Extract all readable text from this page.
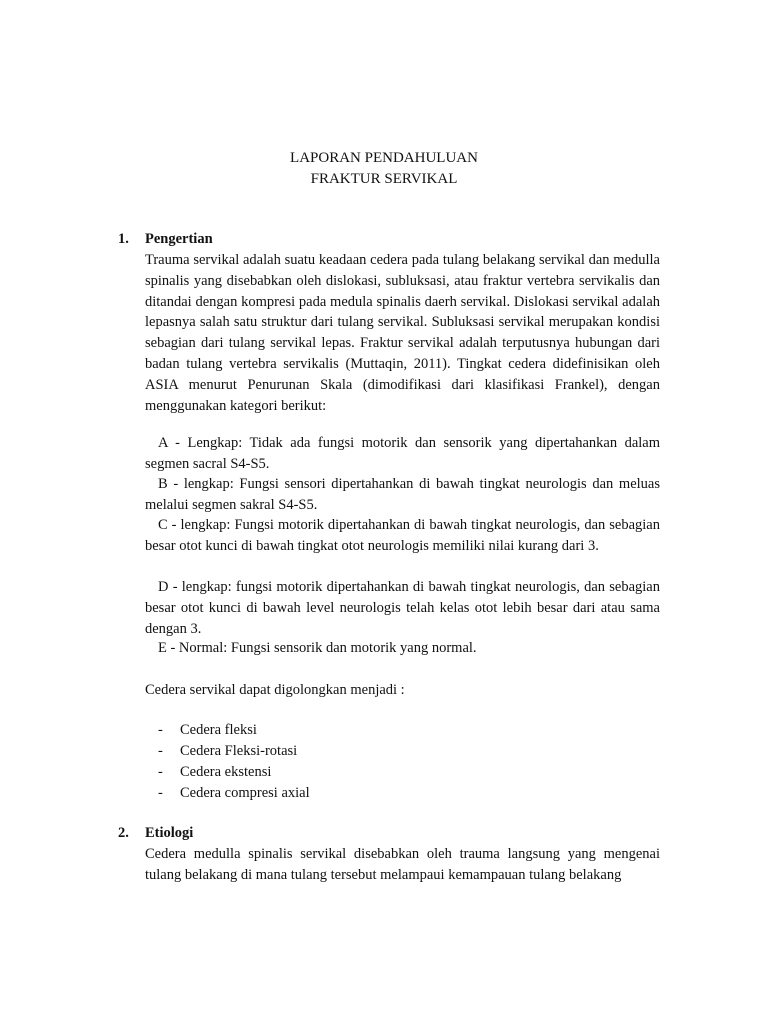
LAPORAN PENDAHULUAN
FRAKTUR SERVIKAL
1. Pengertian
Trauma servikal adalah suatu keadaan cedera pada tulang belakang servikal dan medulla spinalis yang disebabkan oleh dislokasi, subluksasi, atau fraktur vertebra servikalis dan ditandai dengan kompresi pada medula spinalis daerh servikal. Dislokasi servikal adalah lepasnya salah satu struktur dari tulang servikal. Subluksasi servikal merupakan kondisi sebagian dari tulang servikal lepas. Fraktur servikal adalah terputusnya hubungan dari badan tulang vertebra servikalis (Muttaqin, 2011). Tingkat cedera didefinisikan oleh ASIA menurut Penurunan Skala (dimodifikasi dari klasifikasi Frankel), dengan menggunakan kategori berikut:
A - Lengkap: Tidak ada fungsi motorik dan sensorik yang dipertahankan dalam segmen sacral S4-S5.
B - lengkap: Fungsi sensori dipertahankan di bawah tingkat neurologis dan meluas melalui segmen sakral S4-S5.
C - lengkap: Fungsi motorik dipertahankan di bawah tingkat neurologis, dan sebagian besar otot kunci di bawah tingkat otot neurologis memiliki nilai kurang dari 3.
D - lengkap: fungsi motorik dipertahankan di bawah tingkat neurologis, dan sebagian besar otot kunci di bawah level neurologis telah kelas otot lebih besar dari atau sama dengan 3.
E - Normal: Fungsi sensorik dan motorik yang normal.
Cedera servikal dapat digolongkan menjadi :
- Cedera fleksi
- Cedera Fleksi-rotasi
- Cedera ekstensi
- Cedera compresi axial
2. Etiologi
Cedera medulla spinalis servikal disebabkan oleh trauma langsung yang mengenai tulang belakang di mana tulang tersebut melampaui kemampauan tulang belakang
